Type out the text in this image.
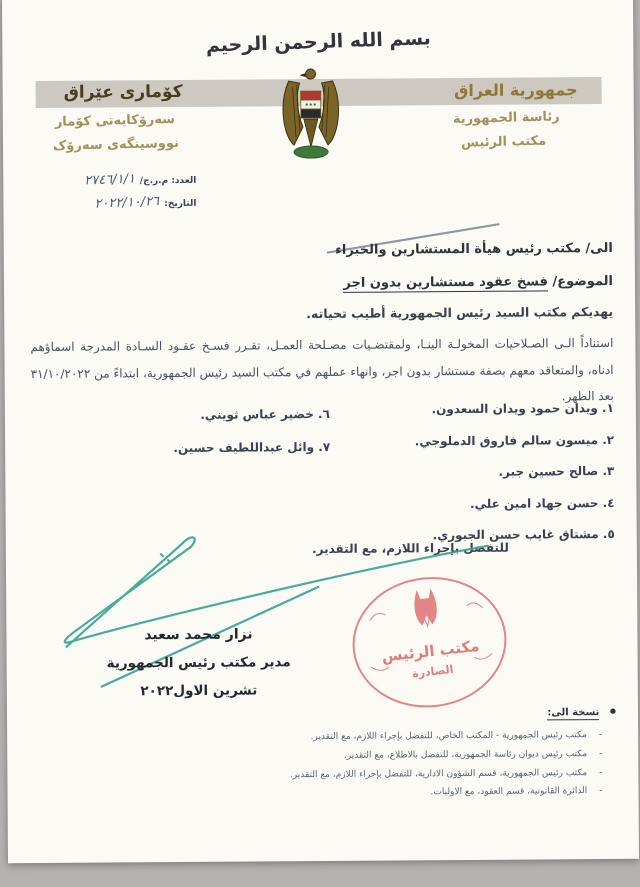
بسم الله الرحمن الرحيم
جمهورية العراق
كۆماری عێراق
رئاسة الجمهورية
مكتب الرئيس
سەرۆکایەتی کۆمار
نووسینگەی سەرۆک
العدد: م.ر.ج/
١‏/‏١‏/‏٢٧٤٦
التاريخ:
٢٦‏/‏١٠‏/‏٢٠٢٢
الى/ مكتب رئيس هيأة المستشارين والخبراء
الموضوع/ فسخ عقود مستشارين بدون اجر
يهديكم مكتب السيد رئيس الجمهورية أطيب تحياته.
استناداً الـى الصـلاحيات المخولـة الينـا، ولمقتضـيات مصـلحة العمـل، تقـرر فسـخ عقـود السـادة المدرجة اسماؤهم ادناه، والمتعاقد معهم بصفة مستشار بدون اجر، وانهاء عملهم في مكتب السيد رئيس الجمهورية، ابتداءً من ٣١/١٠/٢٠٢٢ بعد الظهر.
١. ويدان حمود ويدان السعدون.
٢. ميسون سالم فاروق الدملوجي.
٣. صالح حسين جبر.
٤. حسن جهاد امين علي.
٥. مشتاق غايب حسن الجبوري.
٦. خضير عباس ثويني.
٧. وائل عبداللطيف حسين.
للتفضل بإجراء اللازم، مع التقدير.
مكتب الرئيس
الصادرة
نزار محمد سعيد
مدير مكتب رئيس الجمهورية
تشرين الاول٢٠٢٢
● نسخة الى:
- مكتب رئيس الجمهورية - المكتب الخاص، للتفضل بإجراء اللازم، مع التقدير.
- مكتب رئيس ديوان رئاسة الجمهورية، للتفضل بالاطلاع، مع التقدير.
- مكتب رئيس الجمهورية، قسم الشؤون الادارية، للتفضل بإجراء اللازم، مع التقدير.
- الدائرة القانونية، قسم العقود، مع الاوليات.
